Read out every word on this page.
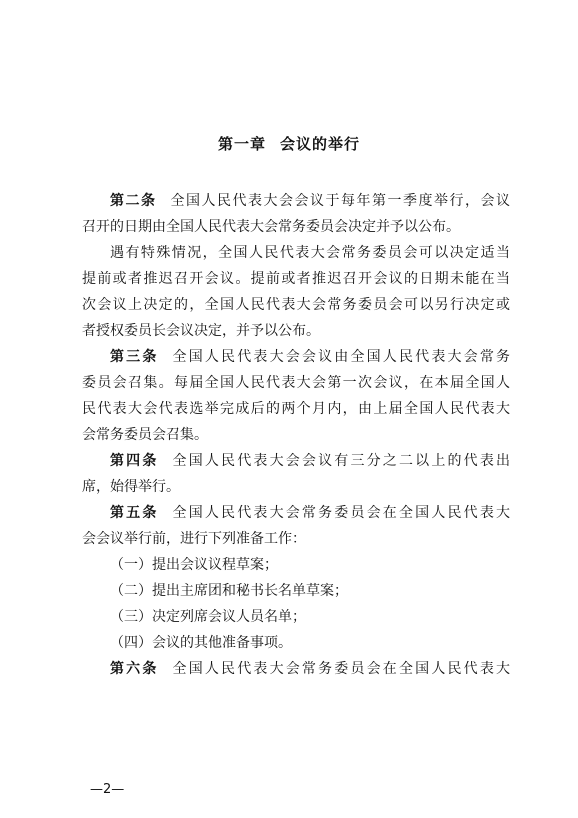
第一章 会议的举行
第二条 全国人民代表大会会议于每年第一季度举行，会议
召开的日期由全国人民代表大会常务委员会决定并予以公布。
遇有特殊情况，全国人民代表大会常务委员会可以决定适当
提前或者推迟召开会议。提前或者推迟召开会议的日期未能在当
次会议上决定的，全国人民代表大会常务委员会可以另行决定或
者授权委员长会议决定，并予以公布。
第三条 全国人民代表大会会议由全国人民代表大会常务
委员会召集。每届全国人民代表大会第一次会议，在本届全国人
民代表大会代表选举完成后的两个月内，由上届全国人民代表大
会常务委员会召集。
第四条 全国人民代表大会会议有三分之二以上的代表出
席，始得举行。
第五条 全国人民代表大会常务委员会在全国人民代表大
会会议举行前，进行下列准备工作：
（一）提出会议议程草案；
（二）提出主席团和秘书长名单草案；
（三）决定列席会议人员名单；
（四）会议的其他准备事项。
第六条 全国人民代表大会常务委员会在全国人民代表大
—2—
